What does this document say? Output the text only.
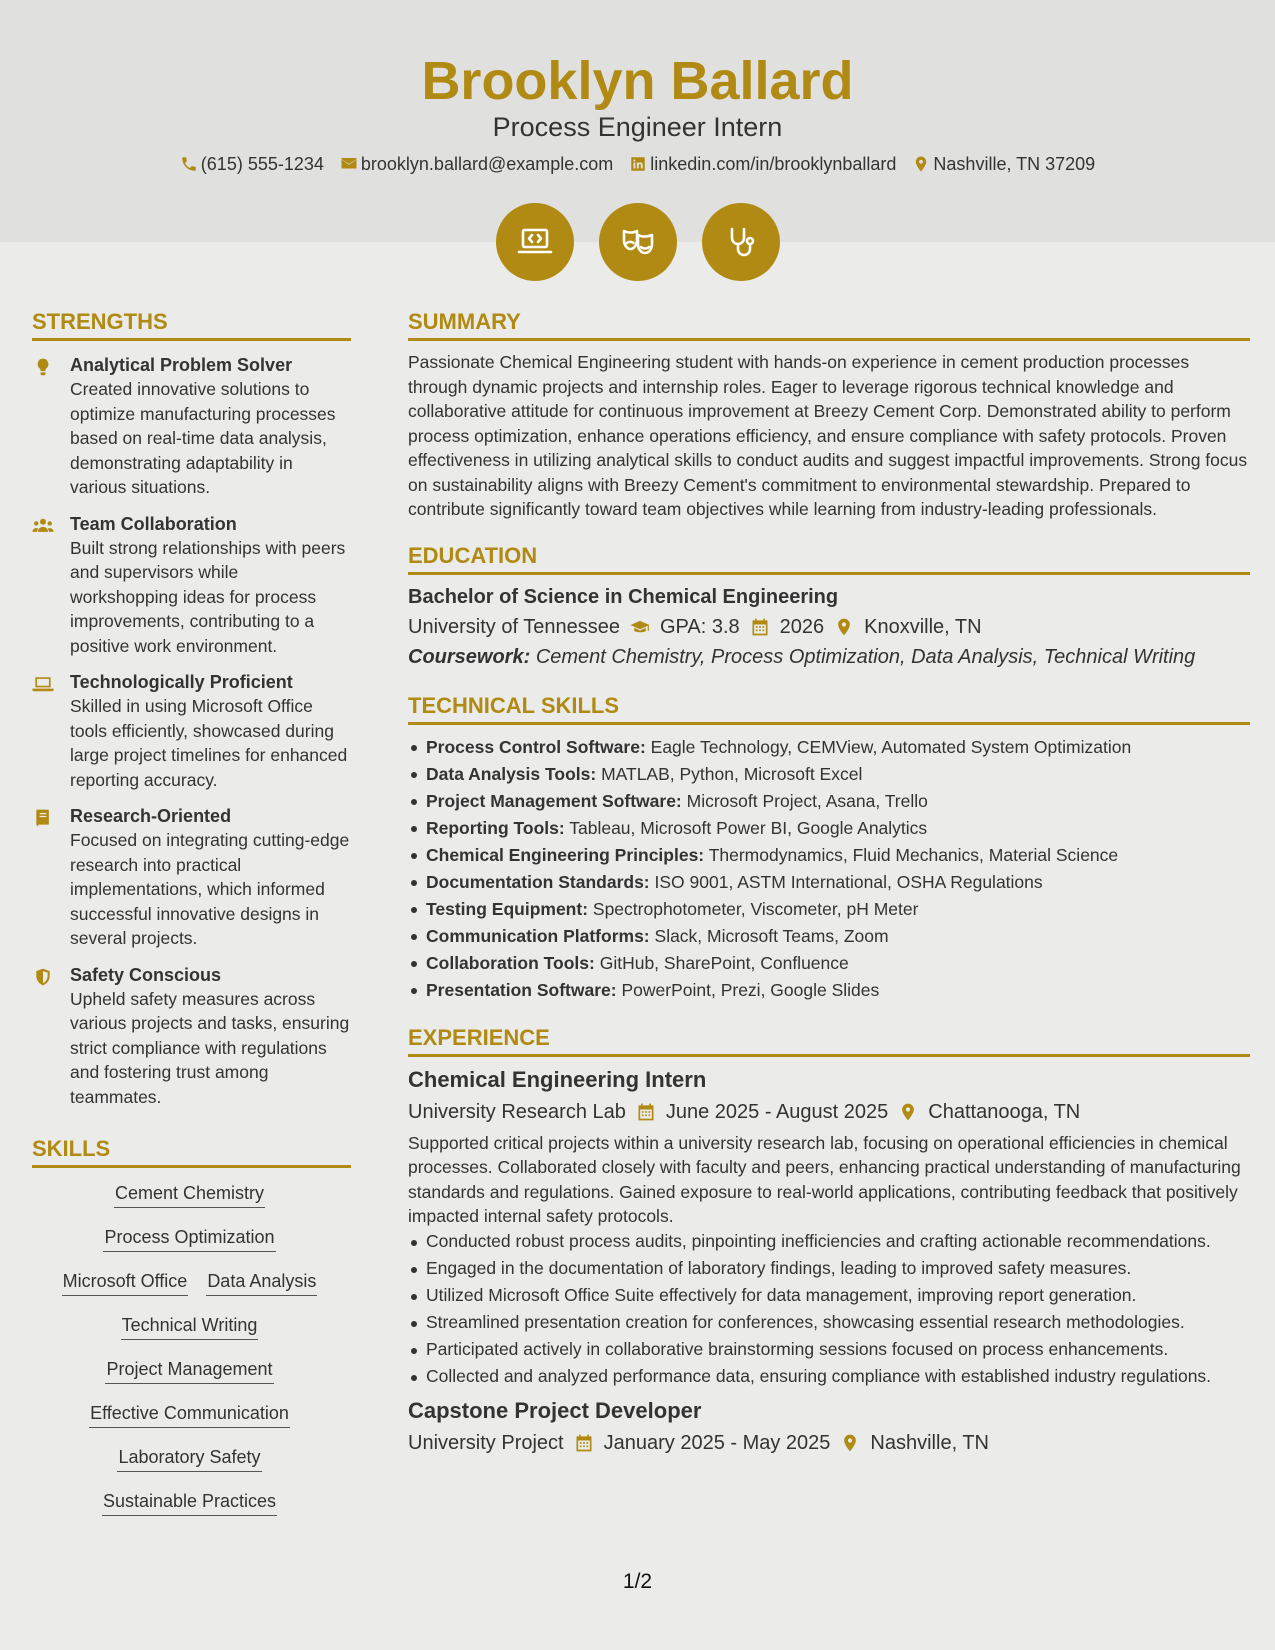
Brooklyn Ballard
Process Engineer Intern
(615) 555-1234 brooklyn.ballard@example.com linkedin.com/in/brooklynballard Nashville, TN 37209
STRENGTHS
Analytical Problem Solver
Created innovative solutions to optimize manufacturing processes based on real-time data analysis, demonstrating adaptability in various situations.
Team Collaboration
Built strong relationships with peers and supervisors while workshopping ideas for process improvements, contributing to a positive work environment.
Technologically Proficient
Skilled in using Microsoft Office tools efficiently, showcased during large project timelines for enhanced reporting accuracy.
Research-Oriented
Focused on integrating cutting-edge research into practical implementations, which informed successful innovative designs in several projects.
Safety Conscious
Upheld safety measures across various projects and tasks, ensuring strict compliance with regulations and fostering trust among teammates.
SKILLS
Cement Chemistry
Process Optimization
Microsoft Office Data Analysis
Technical Writing
Project Management
Effective Communication
Laboratory Safety
Sustainable Practices
SUMMARY
Passionate Chemical Engineering student with hands-on experience in cement production processes through dynamic projects and internship roles. Eager to leverage rigorous technical knowledge and collaborative attitude for continuous improvement at Breezy Cement Corp. Demonstrated ability to perform process optimization, enhance operations efficiency, and ensure compliance with safety protocols. Proven effectiveness in utilizing analytical skills to conduct audits and suggest impactful improvements. Strong focus on sustainability aligns with Breezy Cement's commitment to environmental stewardship. Prepared to contribute significantly toward team objectives while learning from industry-leading professionals.
EDUCATION
Bachelor of Science in Chemical Engineering
University of Tennessee GPA: 3.8 2026 Knoxville, TN
Coursework: Cement Chemistry, Process Optimization, Data Analysis, Technical Writing
TECHNICAL SKILLS
Process Control Software: Eagle Technology, CEMView, Automated System Optimization
Data Analysis Tools: MATLAB, Python, Microsoft Excel
Project Management Software: Microsoft Project, Asana, Trello
Reporting Tools: Tableau, Microsoft Power BI, Google Analytics
Chemical Engineering Principles: Thermodynamics, Fluid Mechanics, Material Science
Documentation Standards: ISO 9001, ASTM International, OSHA Regulations
Testing Equipment: Spectrophotometer, Viscometer, pH Meter
Communication Platforms: Slack, Microsoft Teams, Zoom
Collaboration Tools: GitHub, SharePoint, Confluence
Presentation Software: PowerPoint, Prezi, Google Slides
EXPERIENCE
Chemical Engineering Intern
University Research Lab June 2025 - August 2025 Chattanooga, TN
Supported critical projects within a university research lab, focusing on operational efficiencies in chemical processes. Collaborated closely with faculty and peers, enhancing practical understanding of manufacturing standards and regulations. Gained exposure to real-world applications, contributing feedback that positively impacted internal safety protocols.
Conducted robust process audits, pinpointing inefficiencies and crafting actionable recommendations.
Engaged in the documentation of laboratory findings, leading to improved safety measures.
Utilized Microsoft Office Suite effectively for data management, improving report generation.
Streamlined presentation creation for conferences, showcasing essential research methodologies.
Participated actively in collaborative brainstorming sessions focused on process enhancements.
Collected and analyzed performance data, ensuring compliance with established industry regulations.
Capstone Project Developer
University Project January 2025 - May 2025 Nashville, TN
1/2
